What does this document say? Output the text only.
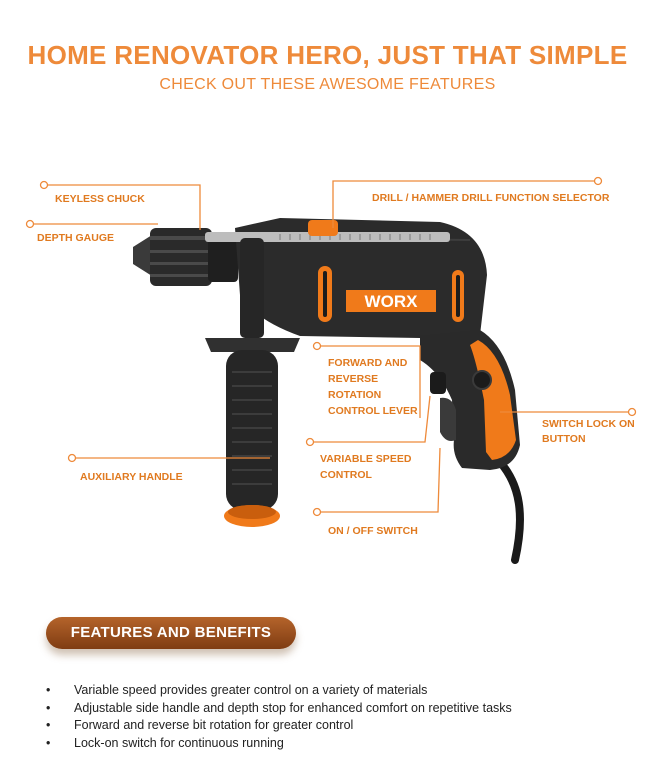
HOME RENOVATOR HERO, JUST THAT SIMPLE
CHECK OUT THESE AWESOME FEATURES
WORX
KEYLESS CHUCK
DEPTH GAUGE
DRILL / HAMMER DRILL FUNCTION SELECTOR
FORWARD AND
REVERSE
ROTATION
CONTROL LEVER
SWITCH LOCK ON
BUTTON
VARIABLE SPEED
CONTROL
AUXILIARY HANDLE
ON / OFF SWITCH
FEATURES AND BENEFITS
• Variable speed provides greater control on a variety of materials
• Adjustable side handle and depth stop for enhanced comfort on repetitive tasks
• Forward and reverse bit rotation for greater control
• Lock-on switch for continuous running
